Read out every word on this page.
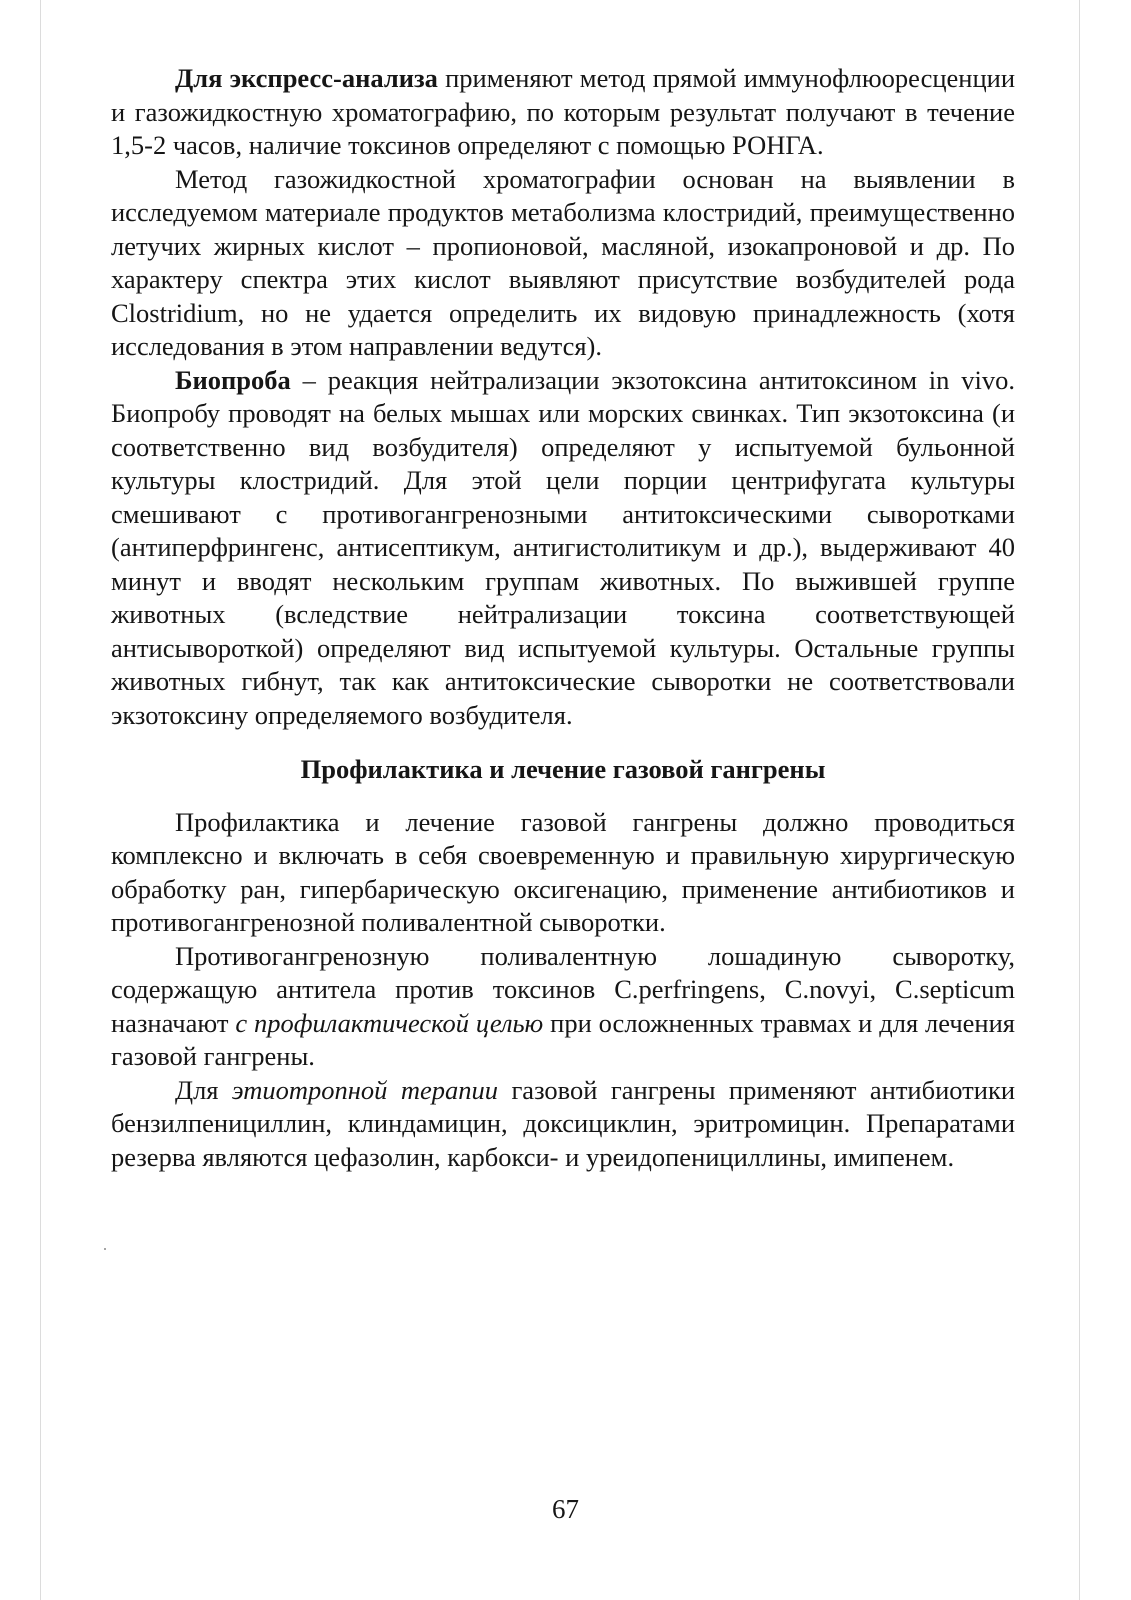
Для экспресс-анализа применяют метод прямой иммунофлюоресценции и газожидкостную хроматографию, по которым результат получают в течение 1,5-2 часов, наличие токсинов определяют с помощью РОНГА.

Метод газожидкостной хроматографии основан на выявлении в исследуемом материале продуктов метаболизма клостридий, преимущественно летучих жирных кислот – пропионовой, масляной, изокапроновой и др. По характеру спектра этих кислот выявляют присутствие возбудителей рода Clostridium, но не удается определить их видовую принадлежность (хотя исследования в этом направлении ведутся).

Биопроба – реакция нейтрализации экзотоксина антитоксином in vivo. Биопробу проводят на белых мышах или морских свинках. Тип экзотоксина (и соответственно вид возбудителя) определяют у испытуемой бульонной культуры клостридий. Для этой цели порции центрифугата культуры смешивают с противогангренозными антитоксическими сыворотками (антиперфрингенс, антисептикум, антигистолитикум и др.), выдерживают 40 минут и вводят нескольким группам животных. По выжившей группе животных (вследствие нейтрализации токсина соответствующей антисывороткой) определяют вид испытуемой культуры. Остальные группы животных гибнут, так как антитоксические сыворотки не соответствовали экзотоксину определяемого возбудителя.

Профилактика и лечение газовой гангрены

Профилактика и лечение газовой гангрены должно проводиться комплексно и включать в себя своевременную и правильную хирургическую обработку ран, гипербарическую оксигенацию, применение антибиотиков и противогангренозной поливалентной сыворотки.

Противогангренозную поливалентную лошадиную сыворотку, содержащую антитела против токсинов C.perfringens, C.novyi, C.septicum назначают с профилактической целью при осложненных травмах и для лечения газовой гангрены.

Для этиотропной терапии газовой гангрены применяют антибиотики бензилпенициллин, клиндамицин, доксициклин, эритромицин. Препаратами резерва являются цефазолин, карбокси- и уреидопенициллины, имипенем.

67
